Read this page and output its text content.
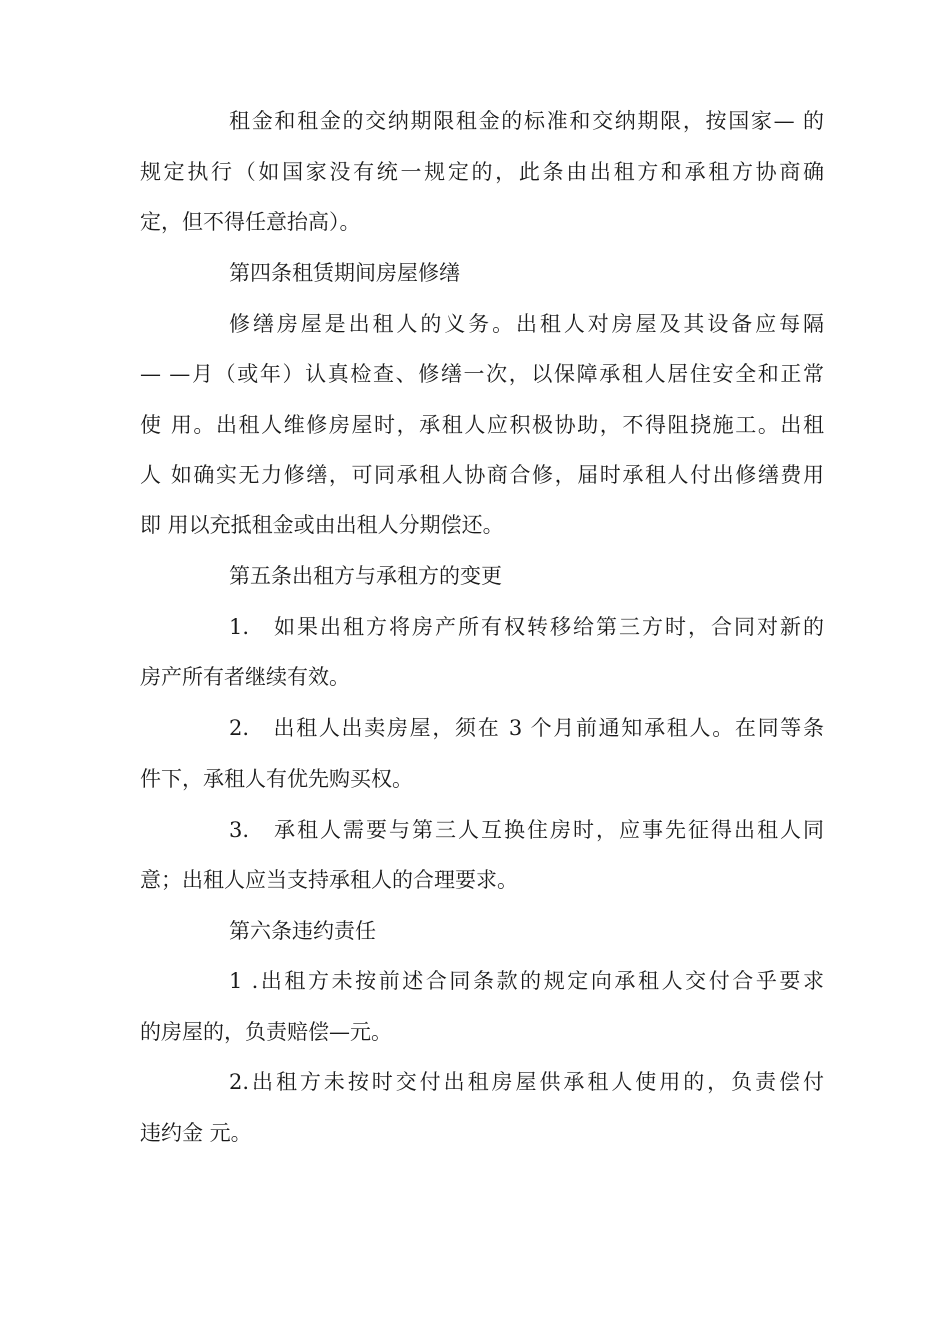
租金和租金的交纳期限租金的标准和交纳期限，按国家— 的
规定执行（如国家没有统一规定的，此条由出租方和承租方协商确
定，但不得任意抬高）。
第四条租赁期间房屋修缮
修缮房屋是出租人的义务。出租人对房屋及其设备应每隔
— —月（或年）认真检查、修缮一次，以保障承租人居住安全和正常
使 用。出租人维修房屋时，承租人应积极协助，不得阻挠施工。出租
人 如确实无力修缮，可同承租人协商合修，届时承租人付出修缮费用
即 用以充抵租金或由出租人分期偿还。
第五条出租方与承租方的变更
1.　如果出租方将房产所有权转移给第三方时，合同对新的
房产所有者继续有效。
2.　出租人出卖房屋，须在 3 个月前通知承租人。在同等条
件下，承租人有优先购买权。
3.　承租人需要与第三人互换住房时，应事先征得出租人同
意；出租人应当支持承租人的合理要求。
第六条违约责任
1 .出租方未按前述合同条款的规定向承租人交付合乎要求
的房屋的，负责赔偿—元。
2.出租方未按时交付出租房屋供承租人使用的，负责偿付
违约金 元。
